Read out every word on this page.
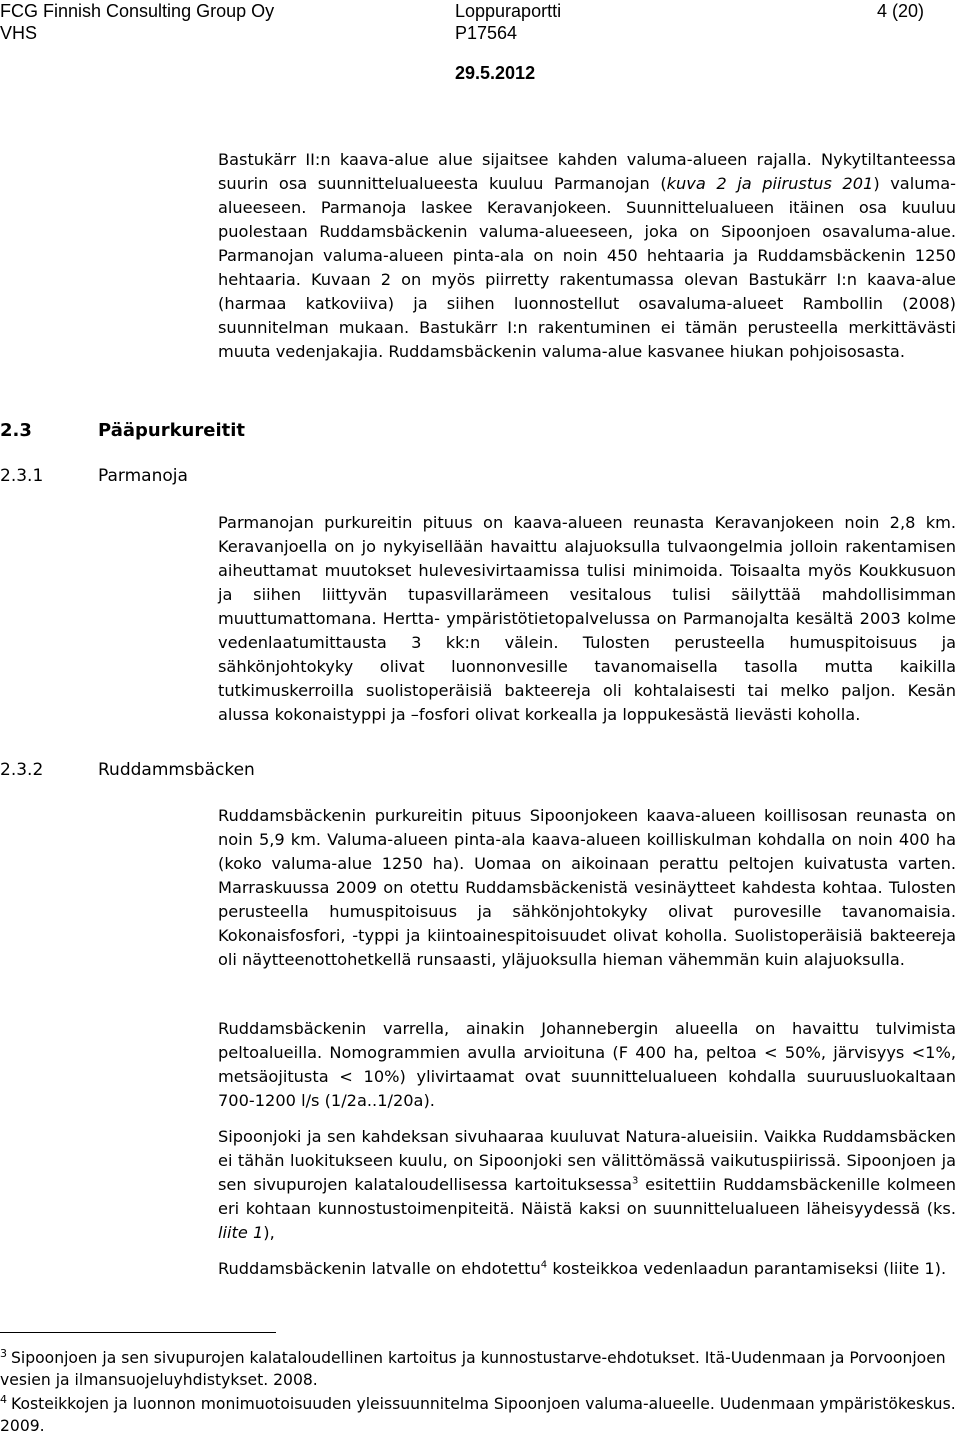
FCG Finnish Consulting Group Oy
VHS
Loppuraportti
P17564
4 (20)
29.5.2012
Bastukärr II:n kaava-alue alue sijaitsee kahden valuma-alueen rajalla. Nykytiltanteessa suurin osa suunnittelualueesta kuuluu Parmanojan (kuva 2 ja piirustus 201) valuma-alueeseen. Parmanoja laskee Keravanjokeen. Suunnittelualueen itäinen osa kuuluu puolestaan Ruddamsbäckenin valuma-alueeseen, joka on Sipoonjoen osavaluma-alue. Parmanojan valuma-alueen pinta-ala on noin 450 hehtaaria ja Ruddamsbäckenin 1250 hehtaaria. Kuvaan 2 on myös piirretty rakentumassa olevan Bastukärr I:n kaava-alue (harmaa katkoviiva) ja siihen luonnostellut osavaluma-alueet Rambollin (2008) suunnitelman mukaan. Bastukärr I:n rakentuminen ei tämän perusteella merkittävästi muuta vedenjakajia. Ruddamsbäckenin valuma-alue kasvanee hiukan pohjoisosasta.
2.3	Pääpurkureitit
2.3.1	Parmanoja
Parmanojan purkureitin pituus on kaava-alueen reunasta Keravanjokeen noin 2,8 km. Keravanjoella on jo nykyisellään havaittu alajuoksulla tulvaongelmia jolloin rakentamisen aiheuttamat muutokset hulevesivirtaamissa tulisi minimoida. Toisaalta myös Koukkusuon ja siihen liittyvän tupasvillarämeen vesitalous tulisi säilyttää mahdollisimman muuttumattomana. Hertta- ympäristötietopalvelussa on Parmanojalta kesältä 2003 kolme vedenlaatumittausta 3 kk:n välein. Tulosten perusteella humuspitoisuus ja sähkönjohtokyky olivat luonnonvesille tavanomaisella tasolla mutta kaikilla tutkimuskerroilla suolistoperäisiä bakteereja oli kohtalaisesti tai melko paljon. Kesän alussa kokonaistyppi ja –fosfori olivat korkealla ja loppukesästä lievästi koholla.
2.3.2	Ruddammsbäcken
Ruddamsbäckenin purkureitin pituus Sipoonjokeen kaava-alueen koillisosan reunasta on noin 5,9 km. Valuma-alueen pinta-ala kaava-alueen koilliskulman kohdalla on noin 400 ha (koko valuma-alue 1250 ha). Uomaa on aikoinaan perattu peltojen kuivatusta varten. Marraskuussa 2009 on otettu Ruddamsbäckenistä vesinäytteet kahdesta kohtaa. Tulosten perusteella humuspitoisuus ja sähkönjohtokyky olivat purovesille tavanomaisia. Kokonaisfosfori, -typpi ja kiintoainespitoisuudet olivat koholla. Suolistoperäisiä bakteereja oli näytteenottohetkellä runsaasti, yläjuoksulla hieman vähemmän kuin alajuoksulla.
Ruddamsbäckenin varrella, ainakin Johannebergin alueella on havaittu tulvimista peltoalueilla. Nomogrammien avulla arvioituna (F 400 ha, peltoa < 50%, järvisyys <1%, metsäojitusta < 10%) ylivirtaamat ovat suunnittelualueen kohdalla suuruusluokaltaan 700-1200 l/s (1/2a..1/20a).
Sipoonjoki ja sen kahdeksan sivuhaaraa kuuluvat Natura-alueisiin. Vaikka Ruddamsbäcken ei tähän luokitukseen kuulu, on Sipoonjoki sen välittömässä vaikutuspiirissä. Sipoonjoen ja sen sivupurojen kalataloudellisessa kartoituksessa$^3$ esitettiin Ruddamsbäckenille kolmeen eri kohtaan kunnostustoimenpiteitä. Näistä kaksi on suunnittelualueen läheisyydessä (ks. liite 1),
Ruddamsbäckenin latvalle on ehdotettu$^4$ kosteikkoa vedenlaadun parantamiseksi (liite 1).
$^3$ Sipoonjoen ja sen sivupurojen kalataloudellinen kartoitus ja kunnostustarve-ehdotukset. Itä-Uudenmaan ja Porvoonjoen vesien ja ilmansuojeluyhdistykset. 2008.
$^4$ Kosteikkojen ja luonnon monimuotoisuuden yleissuunnitelma Sipoonjoen valuma-alueelle. Uudenmaan ympäristökeskus. 2009.
